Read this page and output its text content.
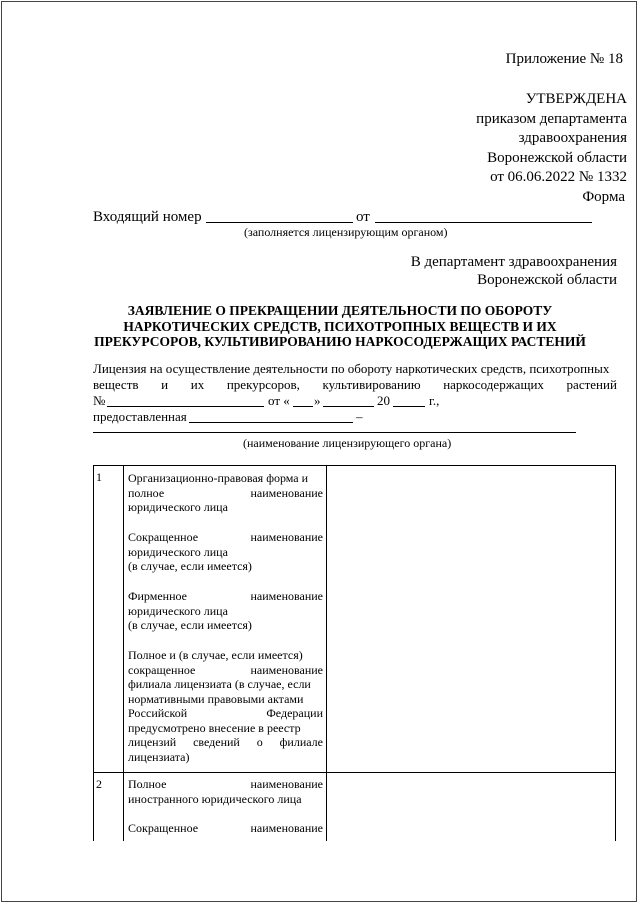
Приложение № 18
УТВЕРЖДЕНА
приказом департамента
здравоохранения
Воронежской области
от 06.06.2022 № 1332
Форма
Входящий номер	от
(заполняется лицензирующим органом)
В департамент здравоохранения
Воронежской области
ЗАЯВЛЕНИЕ О ПРЕКРАЩЕНИИ ДЕЯТЕЛЬНОСТИ ПО ОБОРОТУ
НАРКОТИЧЕСКИХ СРЕДСТВ, ПСИХОТРОПНЫХ ВЕЩЕСТВ И ИХ
ПРЕКУРСОРОВ, КУЛЬТИВИРОВАНИЮ НАРКОСОДЕРЖАЩИХ РАСТЕНИЙ
Лицензия на осуществление деятельности по обороту наркотических средств, психотропных
веществ и их прекурсоров, культивированию наркосодержащих растений
№	от « »	20	г.,
предоставленная	–
(наименование лицензирующего органа)
1 Организационно-правовая форма и
полное	наименование
юридического лица
Сокращенное	наименование
юридического лица
(в случае, если имеется)
Фирменное	наименование
юридического лица
(в случае, если имеется)
Полное и (в случае, если имеется)
сокращенное	наименование
филиала лицензиата (в случае, если
нормативными правовыми актами
Российской	Федерации
предусмотрено внесение в реестр
лицензий сведений о филиале
лицензиата)
2 Полное	наименование
иностранного юридического лица
Сокращенное	наименование
